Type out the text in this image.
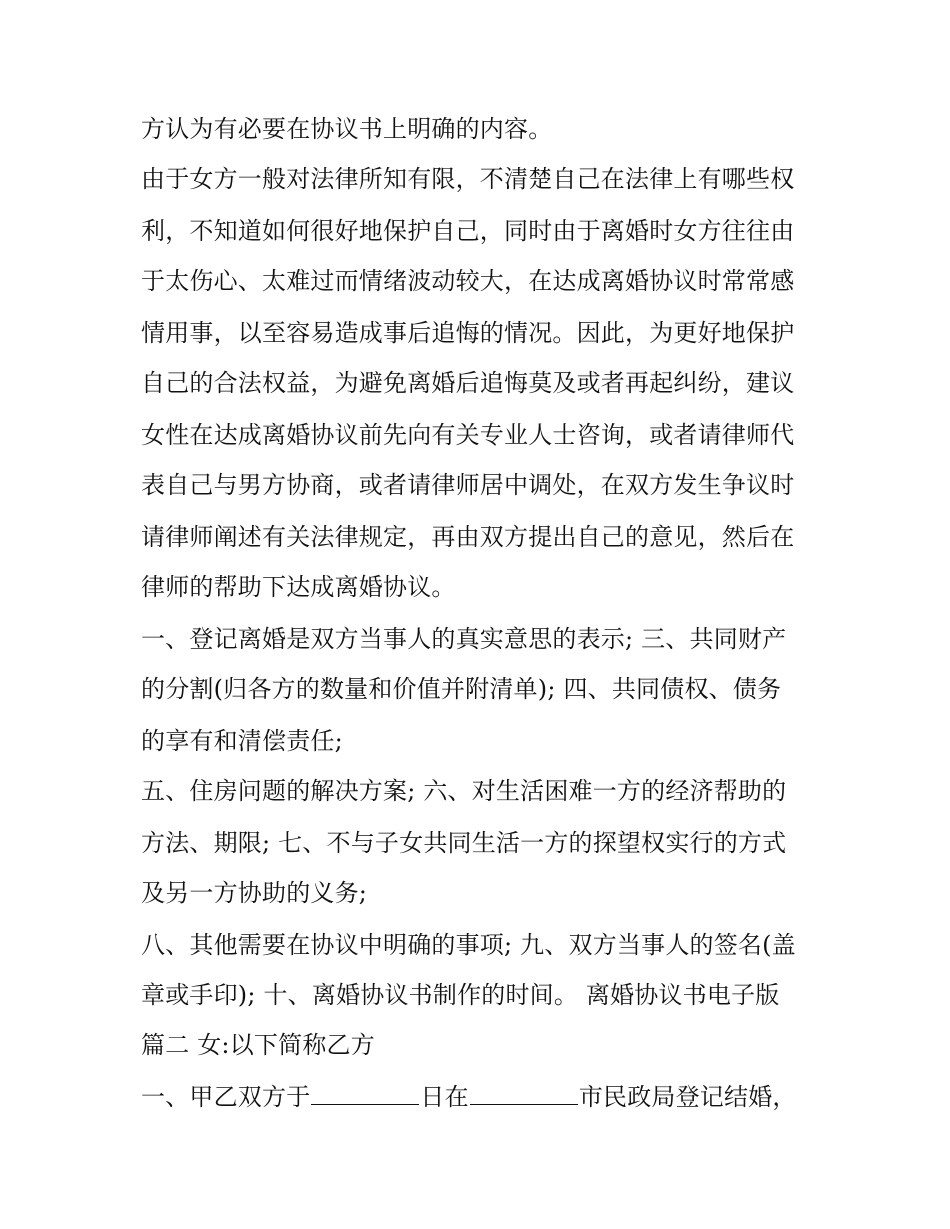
方认为有必要在协议书上明确的内容。
由于女方一般对法律所知有限，不清楚自己在法律上有哪些权
利，不知道如何很好地保护自己，同时由于离婚时女方往往由
于太伤心、太难过而情绪波动较大，在达成离婚协议时常常感
情用事，以至容易造成事后追悔的情况。因此，为更好地保护
自己的合法权益，为避免离婚后追悔莫及或者再起纠纷，建议
女性在达成离婚协议前先向有关专业人士咨询，或者请律师代
表自己与男方协商，或者请律师居中调处，在双方发生争议时
请律师阐述有关法律规定，再由双方提出自己的意见，然后在
律师的帮助下达成离婚协议。
一、登记离婚是双方当事人的真实意思的表示; 三、共同财产
的分割(归各方的数量和价值并附清单); 四、共同债权、债务
的享有和清偿责任;
五、住房问题的解决方案; 六、对生活困难一方的经济帮助的
方法、期限; 七、不与子女共同生活一方的探望权实行的方式
及另一方协助的义务;
八、其他需要在协议中明确的事项; 九、双方当事人的签名(盖
章或手印); 十、离婚协议书制作的时间。 离婚协议书电子版
篇二 女:以下简称乙方
一、甲乙双方于	日在	市民政局登记结婚，
